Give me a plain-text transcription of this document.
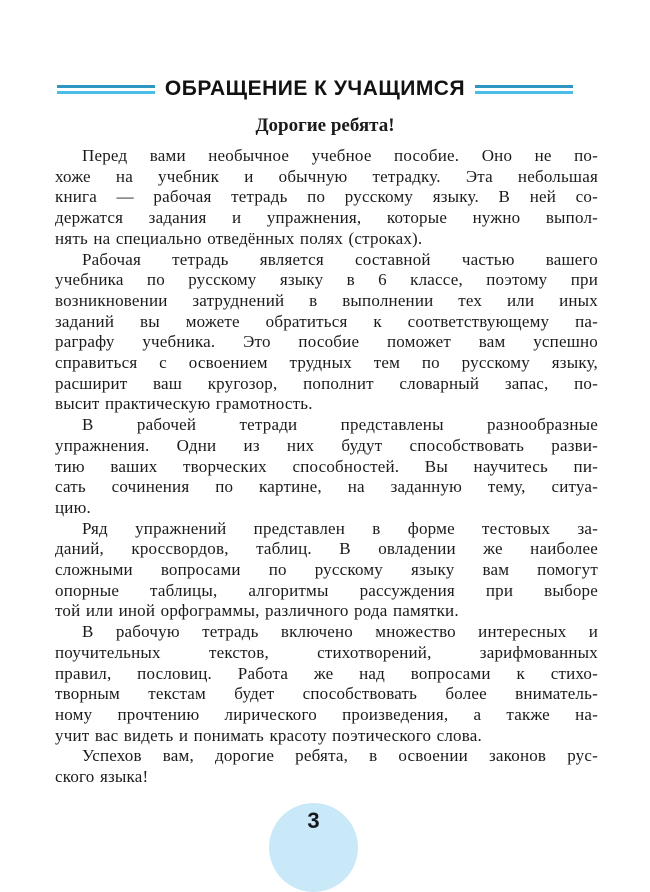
ОБРАЩЕНИЕ К УЧАЩИМСЯ
Дорогие ребята!
Перед вами необычное учебное пособие. Оно не по-
хоже на учебник и обычную тетрадку. Эта небольшая
книга — рабочая тетрадь по русскому языку. В ней со-
держатся задания и упражнения, которые нужно выпол-
нять на специально отведённых полях (строках).
Рабочая тетрадь является составной частью вашего
учебника по русскому языку в 6 классе, поэтому при
возникновении затруднений в выполнении тех или иных
заданий вы можете обратиться к соответствующему па-
раграфу учебника. Это пособие поможет вам успешно
справиться с освоением трудных тем по русскому языку,
расширит ваш кругозор, пополнит словарный запас, по-
высит практическую грамотность.
В рабочей тетради представлены разнообразные
упражнения. Одни из них будут способствовать разви-
тию ваших творческих способностей. Вы научитесь пи-
сать сочинения по картине, на заданную тему, ситуа-
цию.
Ряд упражнений представлен в форме тестовых за-
даний, кроссвордов, таблиц. В овладении же наиболее
сложными вопросами по русскому языку вам помогут
опорные таблицы, алгоритмы рассуждения при выборе
той или иной орфограммы, различного рода памятки.
В рабочую тетрадь включено множество интересных и
поучительных текстов, стихотворений, зарифмованных
правил, пословиц. Работа же над вопросами к стихо-
творным текстам будет способствовать более вниматель-
ному прочтению лирического произведения, а также на-
учит вас видеть и понимать красоту поэтического слова.
Успехов вам, дорогие ребята, в освоении законов рус-
ского языка!
3
